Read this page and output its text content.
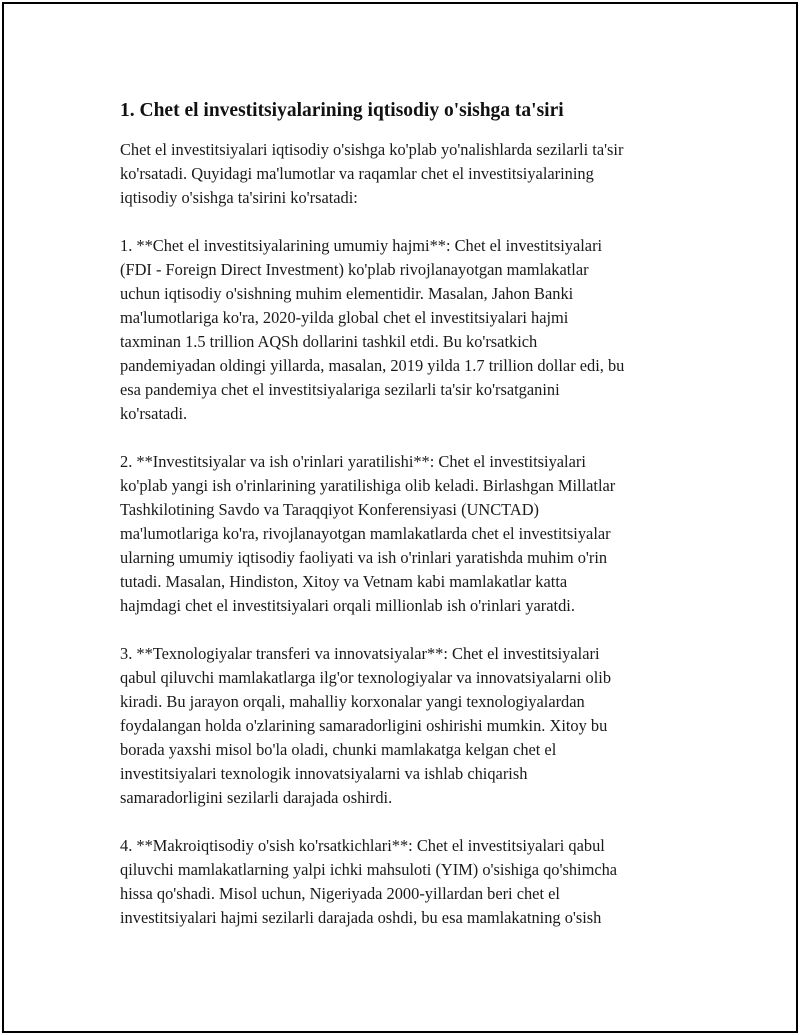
1. Chet el investitsiyalarining iqtisodiy o'sishga ta'siri

Chet el investitsiyalari iqtisodiy o'sishga ko'plab yo'nalishlarda sezilarli ta'sir
ko'rsatadi. Quyidagi ma'lumotlar va raqamlar chet el investitsiyalarining
iqtisodiy o'sishga ta'sirini ko'rsatadi:

1. **Chet el investitsiyalarining umumiy hajmi**: Chet el investitsiyalari
(FDI - Foreign Direct Investment) ko'plab rivojlanayotgan mamlakatlar
uchun iqtisodiy o'sishning muhim elementidir. Masalan, Jahon Banki
ma'lumotlariga ko'ra, 2020-yilda global chet el investitsiyalari hajmi
taxminan 1.5 trillion AQSh dollarini tashkil etdi. Bu ko'rsatkich
pandemiyadan oldingi yillarda, masalan, 2019 yilda 1.7 trillion dollar edi, bu
esa pandemiya chet el investitsiyalariga sezilarli ta'sir ko'rsatganini
ko'rsatadi.

2. **Investitsiyalar va ish o'rinlari yaratilishi**: Chet el investitsiyalari
ko'plab yangi ish o'rinlarining yaratilishiga olib keladi. Birlashgan Millatlar
Tashkilotining Savdo va Taraqqiyot Konferensiyasi (UNCTAD)
ma'lumotlariga ko'ra, rivojlanayotgan mamlakatlarda chet el investitsiyalar
ularning umumiy iqtisodiy faoliyati va ish o'rinlari yaratishda muhim o'rin
tutadi. Masalan, Hindiston, Xitoy va Vetnam kabi mamlakatlar katta
hajmdagi chet el investitsiyalari orqali millionlab ish o'rinlari yaratdi.

3. **Texnologiyalar transferi va innovatsiyalar**: Chet el investitsiyalari
qabul qiluvchi mamlakatlarga ilg'or texnologiyalar va innovatsiyalarni olib
kiradi. Bu jarayon orqali, mahalliy korxonalar yangi texnologiyalardan
foydalangan holda o'zlarining samaradorligini oshirishi mumkin. Xitoy bu
borada yaxshi misol bo'la oladi, chunki mamlakatga kelgan chet el
investitsiyalari texnologik innovatsiyalarni va ishlab chiqarish
samaradorligini sezilarli darajada oshirdi.

4. **Makroiqtisodiy o'sish ko'rsatkichlari**: Chet el investitsiyalari qabul
qiluvchi mamlakatlarning yalpi ichki mahsuloti (YIM) o'sishiga qo'shimcha
hissa qo'shadi. Misol uchun, Nigeriyada 2000-yillardan beri chet el
investitsiyalari hajmi sezilarli darajada oshdi, bu esa mamlakatning o'sish
